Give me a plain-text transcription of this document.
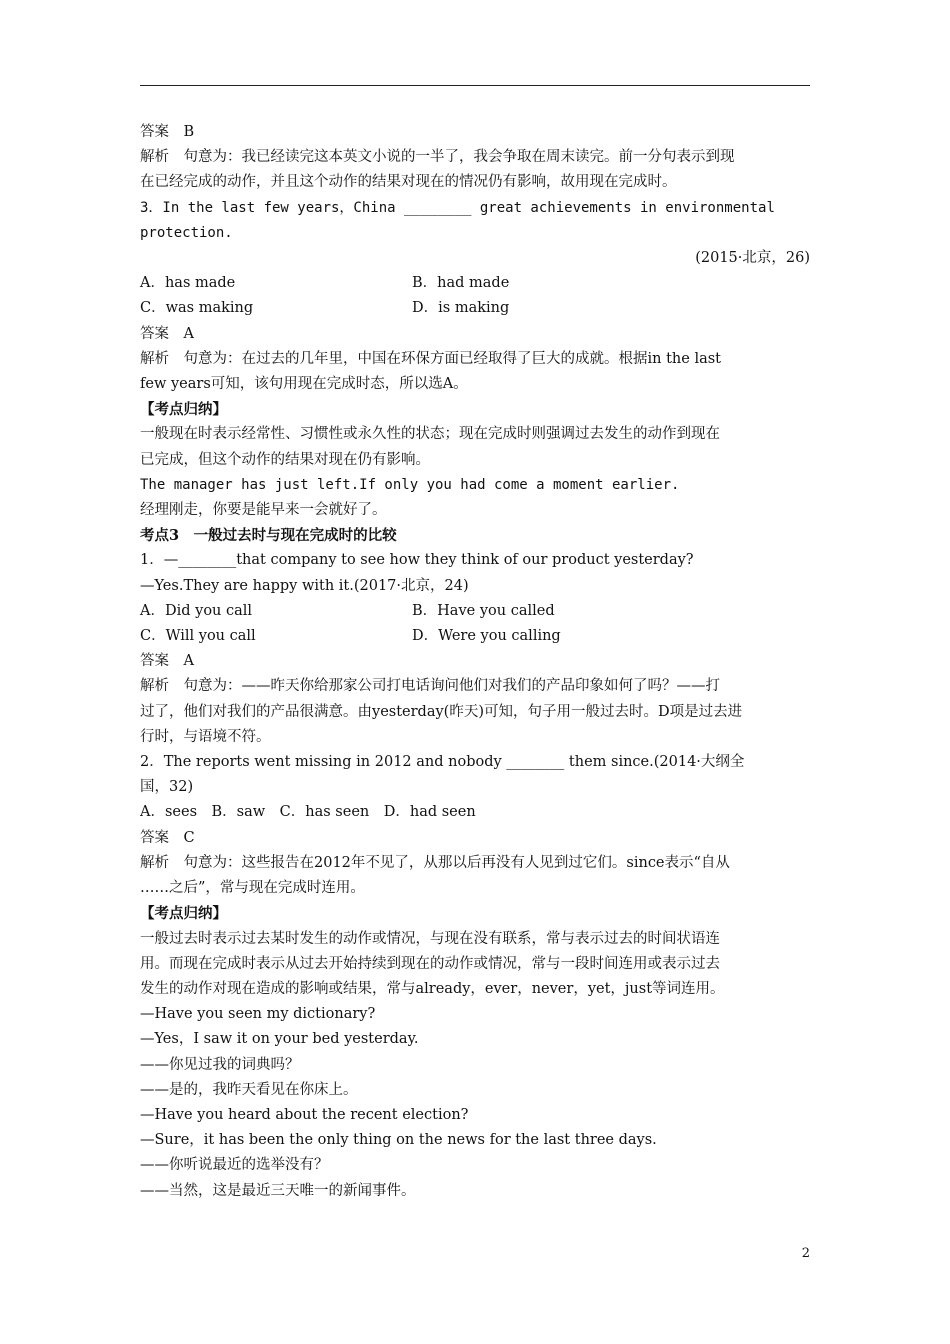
答案　B
解析　句意为：我已经读完这本英文小说的一半了，我会争取在周末读完。前一分句表示到现
在已经完成的动作，并且这个动作的结果对现在的情况仍有影响，故用现在完成时。
3．In the last few years，China ________ great achievements in environmental
protection.
(2015·北京，26)
A．has made	B．had made
C．was making	D．is making
答案　A
解析　句意为：在过去的几年里，中国在环保方面已经取得了巨大的成就。根据in the last
few years可知，该句用现在完成时态，所以选A。
【考点归纳】
一般现在时表示经常性、习惯性或永久性的状态；现在完成时则强调过去发生的动作到现在
已完成，但这个动作的结果对现在仍有影响。
The manager has just left.If only you had come a moment earlier.
经理刚走，你要是能早来一会就好了。
考点3　一般过去时与现在完成时的比较
1．—________that company to see how they think of our product yesterday?
—Yes.They are happy with it.(2017·北京，24)
A．Did you call	B．Have you called
C．Will you call	D．Were you calling
答案　A
解析　句意为：——昨天你给那家公司打电话询问他们对我们的产品印象如何了吗？——打
过了，他们对我们的产品很满意。由yesterday(昨天)可知，句子用一般过去时。D项是过去进
行时，与语境不符。
2．The reports went missing in 2012 and nobody ________ them since.(2014·大纲全
国，32)
A．sees　B．saw　C．has seen　D．had seen
答案　C
解析　句意为：这些报告在2012年不见了，从那以后再没有人见到过它们。since表示“自从
……之后”，常与现在完成时连用。
【考点归纳】
一般过去时表示过去某时发生的动作或情况，与现在没有联系，常与表示过去的时间状语连
用。而现在完成时表示从过去开始持续到现在的动作或情况，常与一段时间连用或表示过去
发生的动作对现在造成的影响或结果，常与already，ever，never，yet，just等词连用。
—Have you seen my dictionary?
—Yes，I saw it on your bed yesterday.
——你见过我的词典吗？
——是的，我昨天看见在你床上。
—Have you heard about the recent election?
—Sure，it has been the only thing on the news for the last three days.
——你听说最近的选举没有？
——当然，这是最近三天唯一的新闻事件。
2
